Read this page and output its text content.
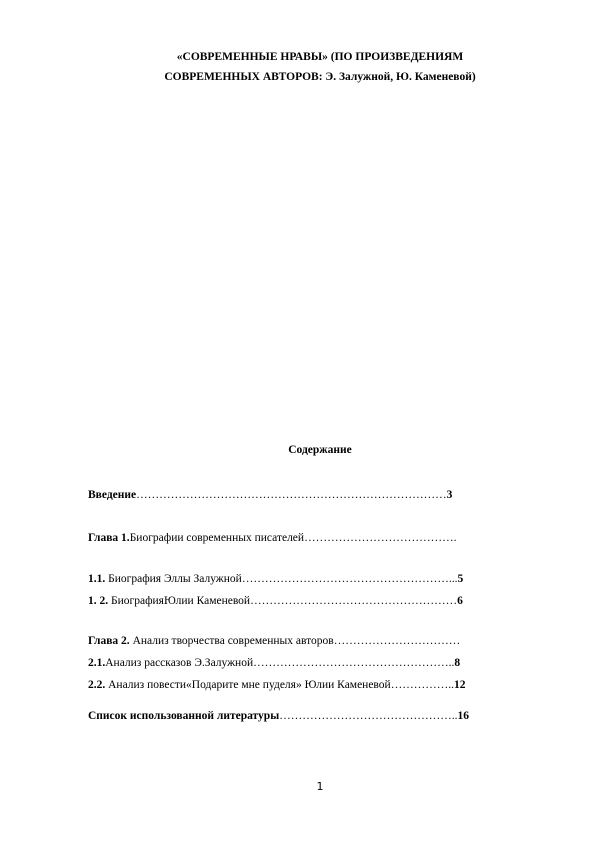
«СОВРЕМЕННЫЕ НРАВЫ» (ПО ПРОИЗВЕДЕНИЯМ
СОВРЕМЕННЫХ АВТОРОВ: Э. Залужной, Ю. Каменевой)
Содержание
Введение………………………………………………………………………3
Глава 1.Биографии современных писателей………………………………….
1.1. Биография Эллы Залужной………………………………………………...5
1. 2. БиографияЮлии Каменевой………………………………………………6
Глава 2. Анализ творчества современных авторов……………………………
2.1.Анализ рассказов Э.Залужной……………………………………………..8
2.2. Анализ повести«Подарите мне пуделя» Юлии Каменевой……………..12
Список использованной литературы………………………………………..16
1
